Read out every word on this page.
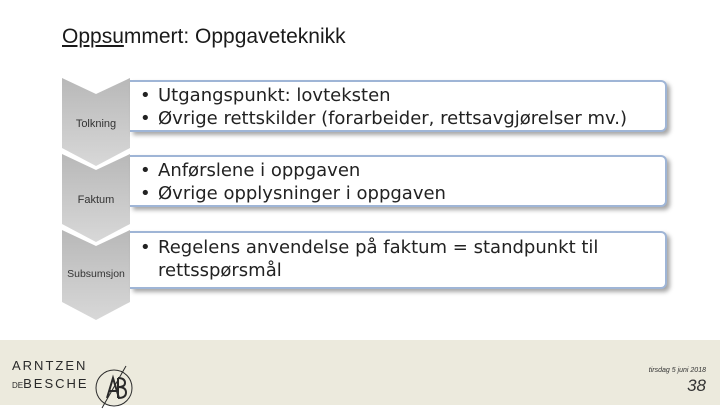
Oppsummert: Oppgaveteknikk
Tolkning
• Utgangspunkt: lovteksten
• Øvrige rettskilder (forarbeider, rettsavgjørelser mv.)
Faktum
• Anførslene i oppgaven
• Øvrige opplysninger i oppgaven
Subsumsjon
• Regelens anvendelse på faktum = standpunkt til rettsspørsmål
ARNTZEN
DEBESCHE
tirsdag 5 juni 2018
38
